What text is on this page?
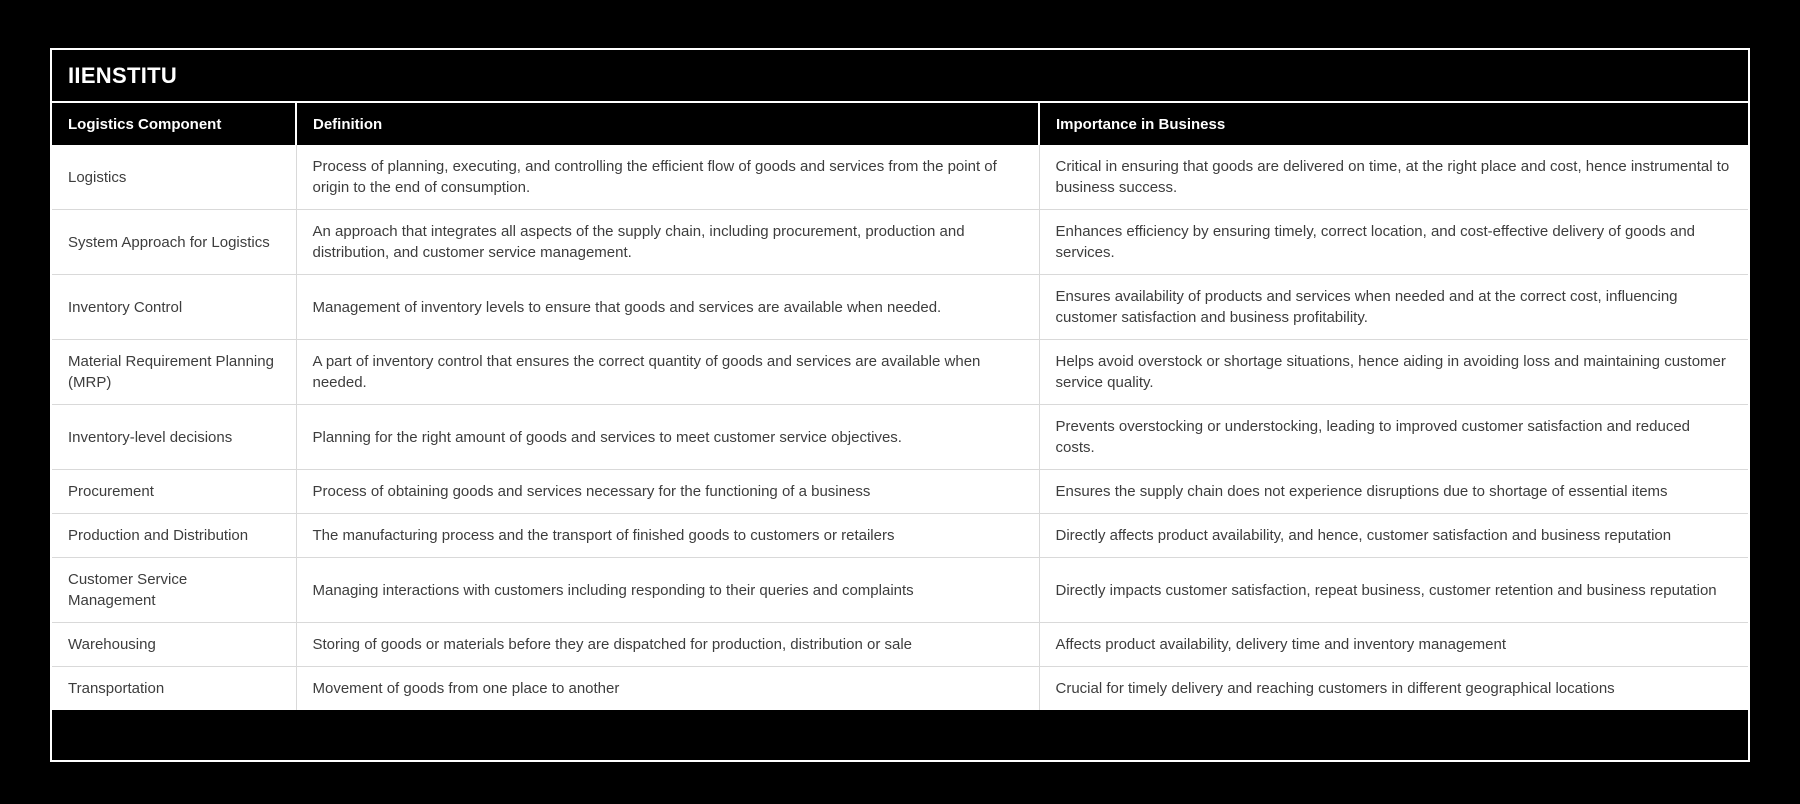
IIENSTITU
Logistics Component	Definition	Importance in Business
Logistics	Process of planning, executing, and controlling the efficient flow of goods and services from the point of origin to the end of consumption.	Critical in ensuring that goods are delivered on time, at the right place and cost, hence instrumental to business success.
System Approach for Logistics	An approach that integrates all aspects of the supply chain, including procurement, production and distribution, and customer service management.	Enhances efficiency by ensuring timely, correct location, and cost-effective delivery of goods and services.
Inventory Control	Management of inventory levels to ensure that goods and services are available when needed.	Ensures availability of products and services when needed and at the correct cost, influencing customer satisfaction and business profitability.
Material Requirement Planning (MRP)	A part of inventory control that ensures the correct quantity of goods and services are available when needed.	Helps avoid overstock or shortage situations, hence aiding in avoiding loss and maintaining customer service quality.
Inventory-level decisions	Planning for the right amount of goods and services to meet customer service objectives.	Prevents overstocking or understocking, leading to improved customer satisfaction and reduced costs.
Procurement	Process of obtaining goods and services necessary for the functioning of a business	Ensures the supply chain does not experience disruptions due to shortage of essential items
Production and Distribution	The manufacturing process and the transport of finished goods to customers or retailers	Directly affects product availability, and hence, customer satisfaction and business reputation
Customer Service Management	Managing interactions with customers including responding to their queries and complaints	Directly impacts customer satisfaction, repeat business, customer retention and business reputation
Warehousing	Storing of goods or materials before they are dispatched for production, distribution or sale	Affects product availability, delivery time and inventory management
Transportation	Movement of goods from one place to another	Crucial for timely delivery and reaching customers in different geographical locations
